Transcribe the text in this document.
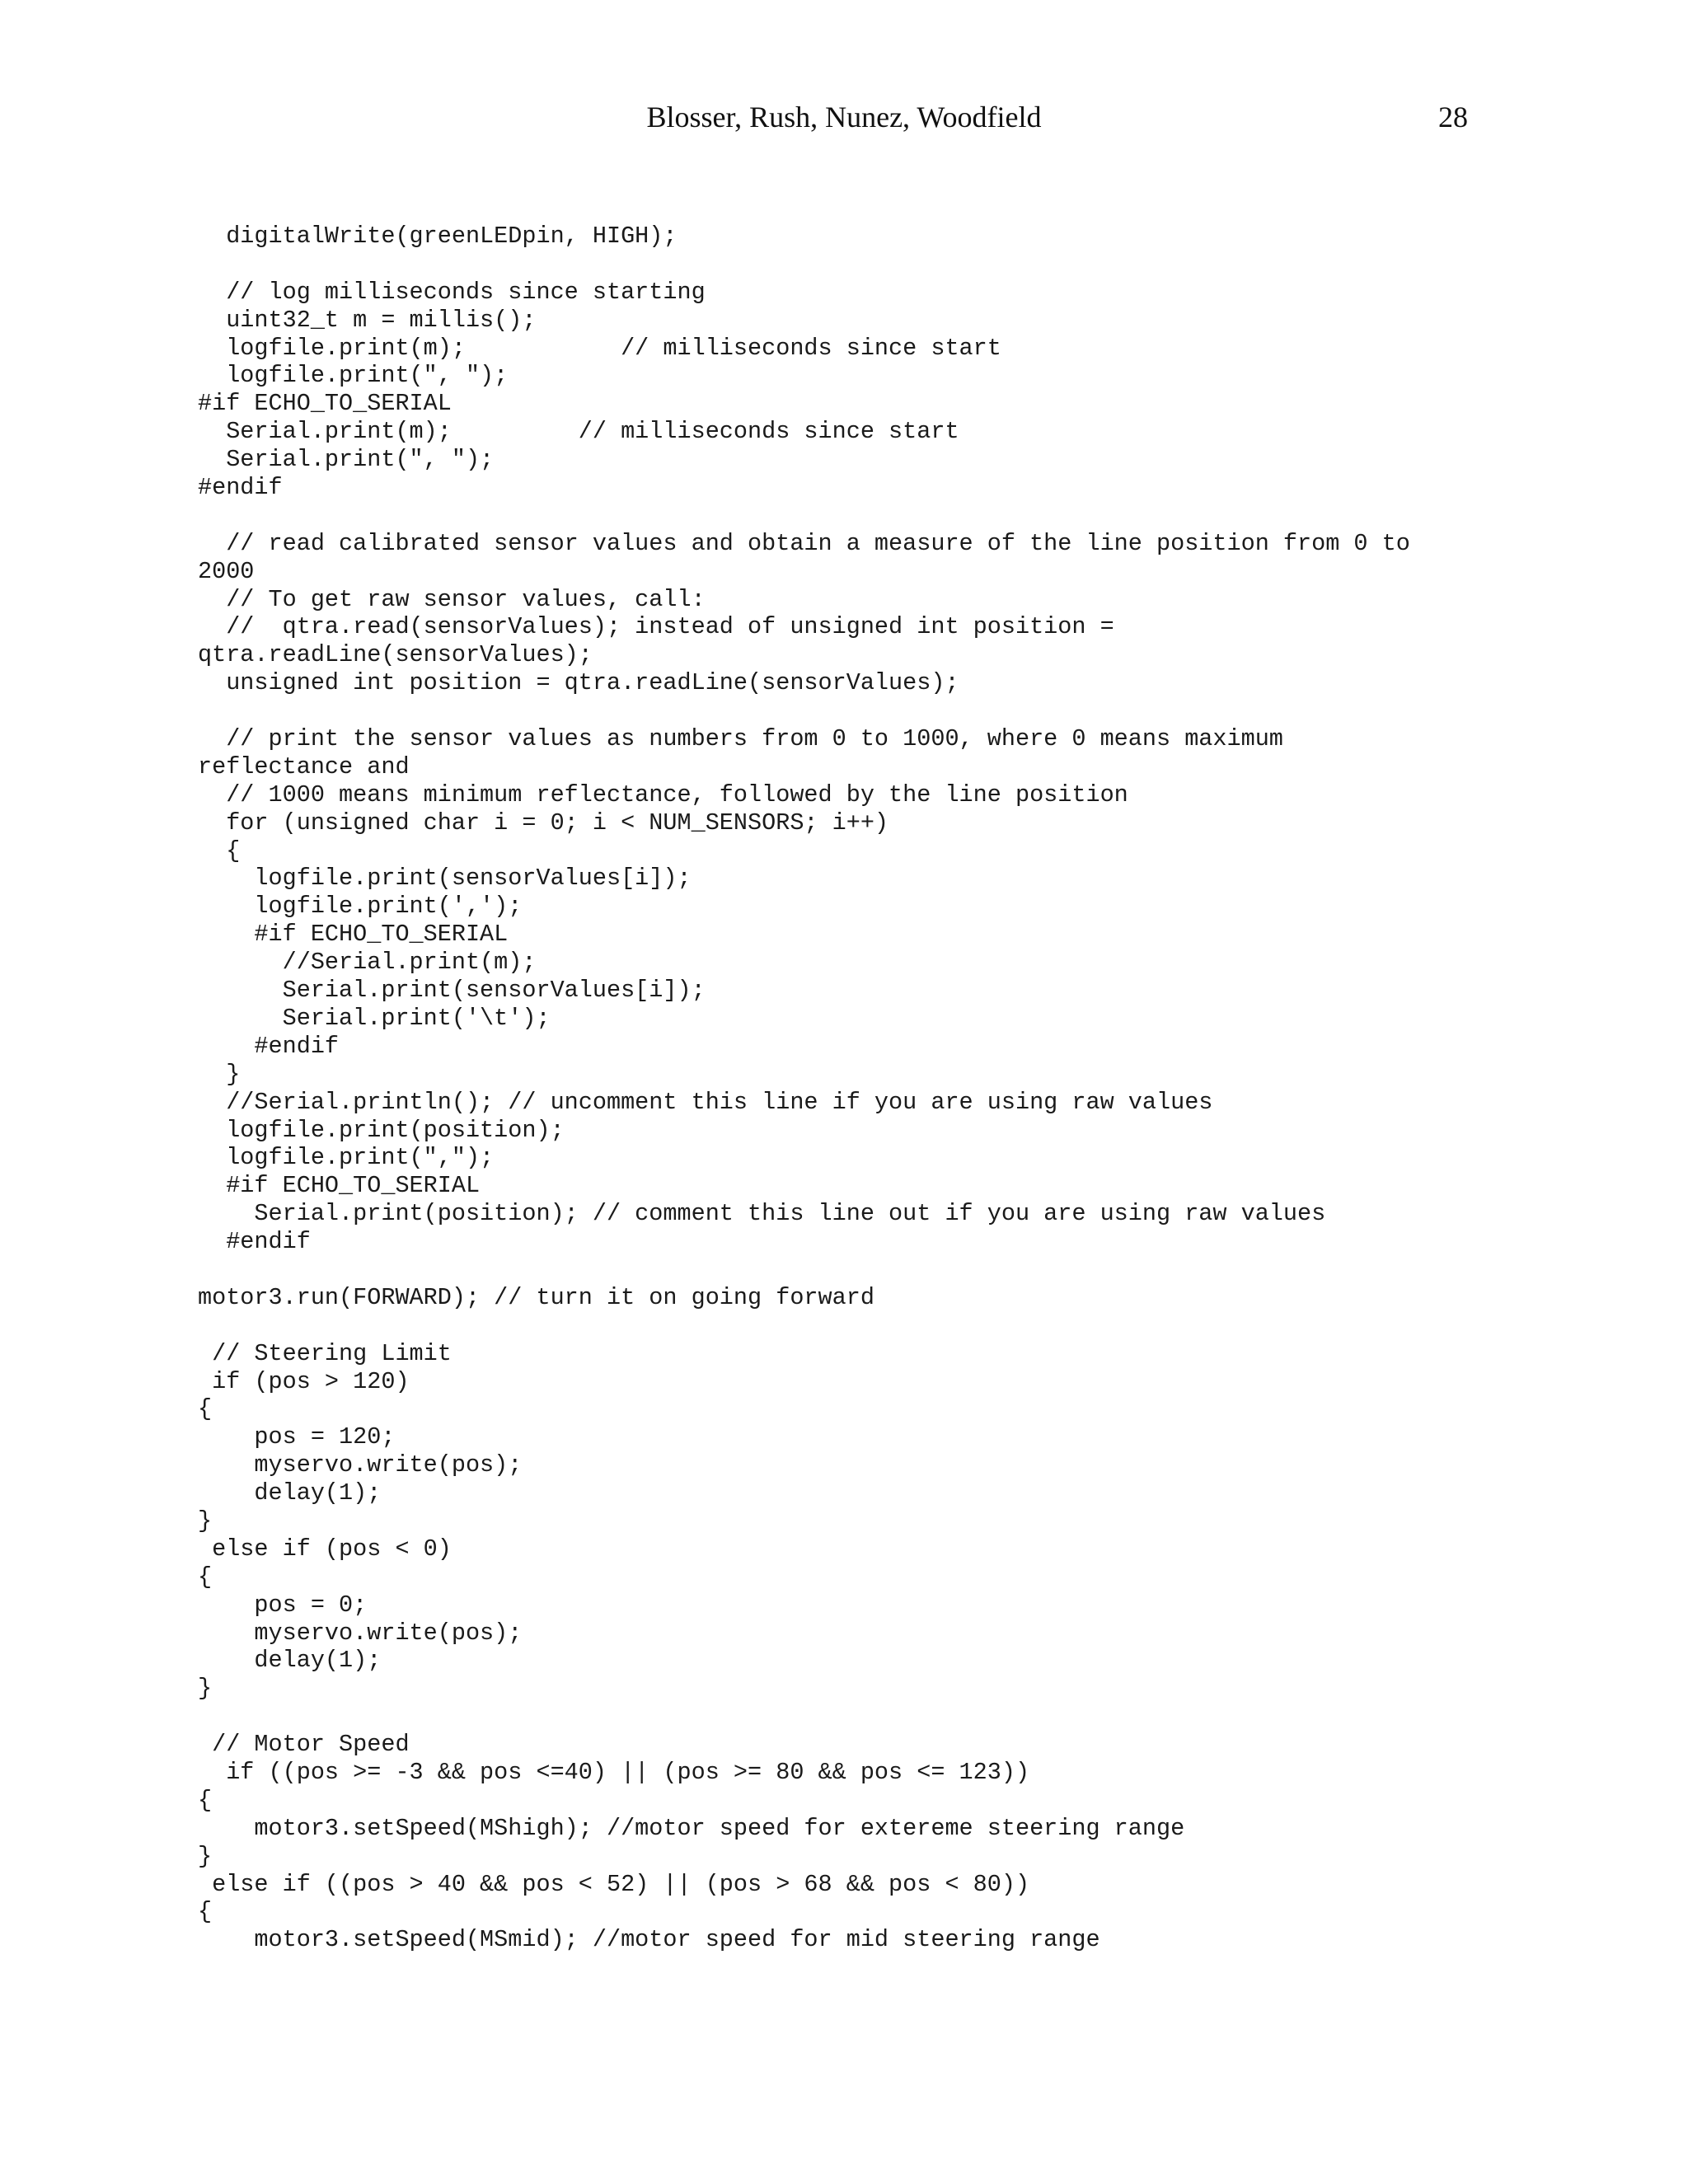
Blosser, Rush, Nunez, Woodfield	28
digitalWrite(greenLEDpin, HIGH);
// log milliseconds since starting
uint32_t m = millis();
logfile.print(m);           // milliseconds since start
logfile.print(", ");
#if ECHO_TO_SERIAL
Serial.print(m);         // milliseconds since start
Serial.print(", ");
#endif
// read calibrated sensor values and obtain a measure of the line position from 0 to
2000
// To get raw sensor values, call:
//  qtra.read(sensorValues); instead of unsigned int position =
qtra.readLine(sensorValues);
unsigned int position = qtra.readLine(sensorValues);
// print the sensor values as numbers from 0 to 1000, where 0 means maximum
reflectance and
// 1000 means minimum reflectance, followed by the line position
for (unsigned char i = 0; i < NUM_SENSORS; i++)
{
logfile.print(sensorValues[i]);
logfile.print(',');
#if ECHO_TO_SERIAL
//Serial.print(m);
Serial.print(sensorValues[i]);
Serial.print('\t');
#endif
}
//Serial.println(); // uncomment this line if you are using raw values
logfile.print(position);
logfile.print(",");
#if ECHO_TO_SERIAL
Serial.print(position); // comment this line out if you are using raw values
#endif
motor3.run(FORWARD); // turn it on going forward
// Steering Limit
if (pos > 120)
{
pos = 120;
myservo.write(pos);
delay(1);
}
else if (pos < 0)
{
pos = 0;
myservo.write(pos);
delay(1);
}
// Motor Speed
if ((pos >= -3 && pos <=40) || (pos >= 80 && pos <= 123))
{
motor3.setSpeed(MShigh); //motor speed for extereme steering range
}
else if ((pos > 40 && pos < 52) || (pos > 68 && pos < 80))
{
motor3.setSpeed(MSmid); //motor speed for mid steering range
